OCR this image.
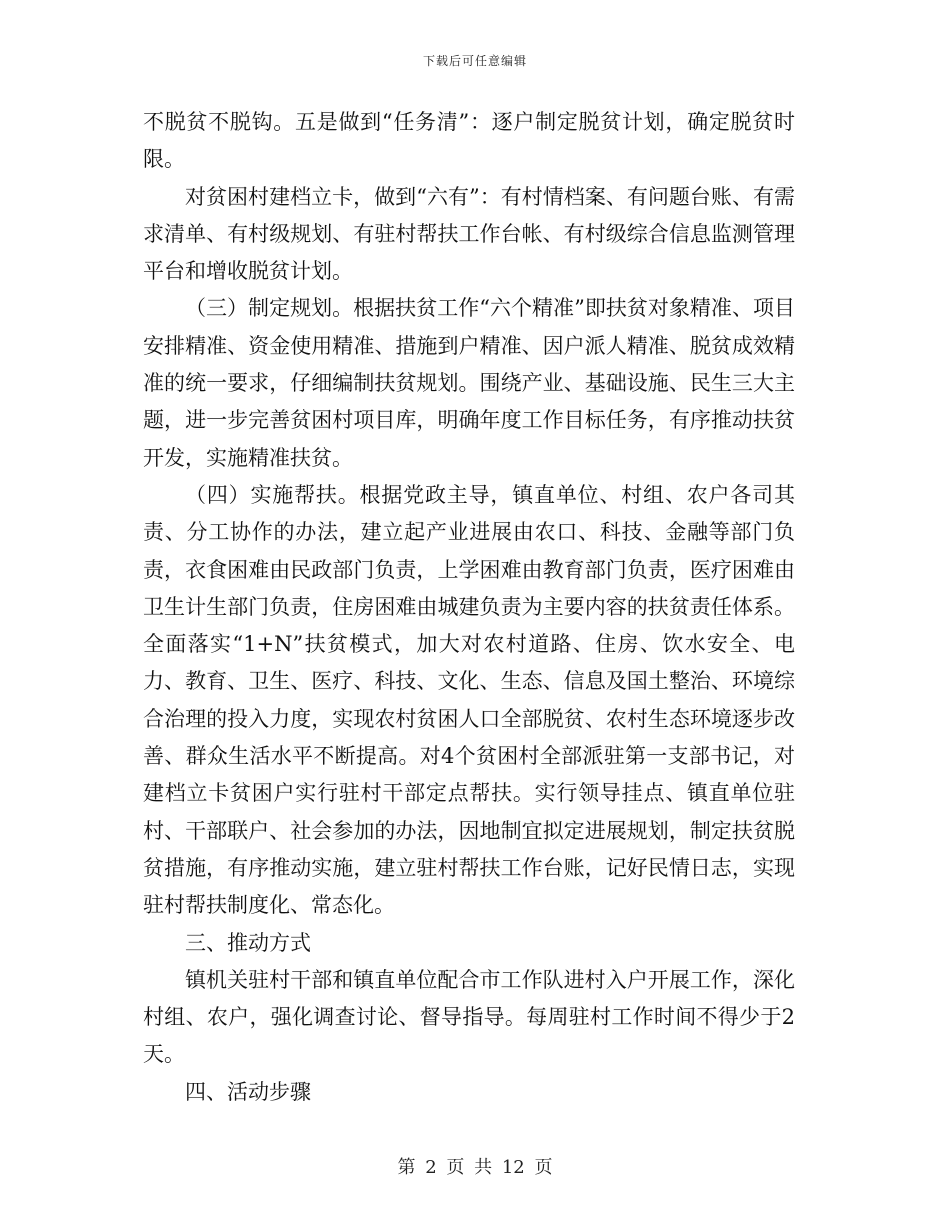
下载后可任意编辑

不脱贫不脱钩。五是做到“任务清”：逐户制定脱贫计划，确定脱贫时限。

对贫困村建档立卡，做到“六有”：有村情档案、有问题台账、有需求清单、有村级规划、有驻村帮扶工作台帐、有村级综合信息监测管理平台和增收脱贫计划。

（三）制定规划。根据扶贫工作“六个精准”即扶贫对象精准、项目安排精准、资金使用精准、措施到户精准、因户派人精准、脱贫成效精准的统一要求，仔细编制扶贫规划。围绕产业、基础设施、民生三大主题，进一步完善贫困村项目库，明确年度工作目标任务，有序推动扶贫开发，实施精准扶贫。

（四）实施帮扶。根据党政主导，镇直单位、村组、农户各司其责、分工协作的办法，建立起产业进展由农口、科技、金融等部门负责，衣食困难由民政部门负责，上学困难由教育部门负责，医疗困难由卫生计生部门负责，住房困难由城建负责为主要内容的扶贫责任体系。全面落实“1+N”扶贫模式，加大对农村道路、住房、饮水安全、电力、教育、卫生、医疗、科技、文化、生态、信息及国土整治、环境综合治理的投入力度，实现农村贫困人口全部脱贫、农村生态环境逐步改善、群众生活水平不断提高。对4个贫困村全部派驻第一支部书记，对建档立卡贫困户实行驻村干部定点帮扶。实行领导挂点、镇直单位驻村、干部联户、社会参加的办法，因地制宜拟定进展规划，制定扶贫脱贫措施，有序推动实施，建立驻村帮扶工作台账，记好民情日志，实现驻村帮扶制度化、常态化。

三、推动方式

镇机关驻村干部和镇直单位配合市工作队进村入户开展工作，深化村组、农户，强化调查讨论、督导指导。每周驻村工作时间不得少于2天。

四、活动步骤

第 2 页 共 12 页
